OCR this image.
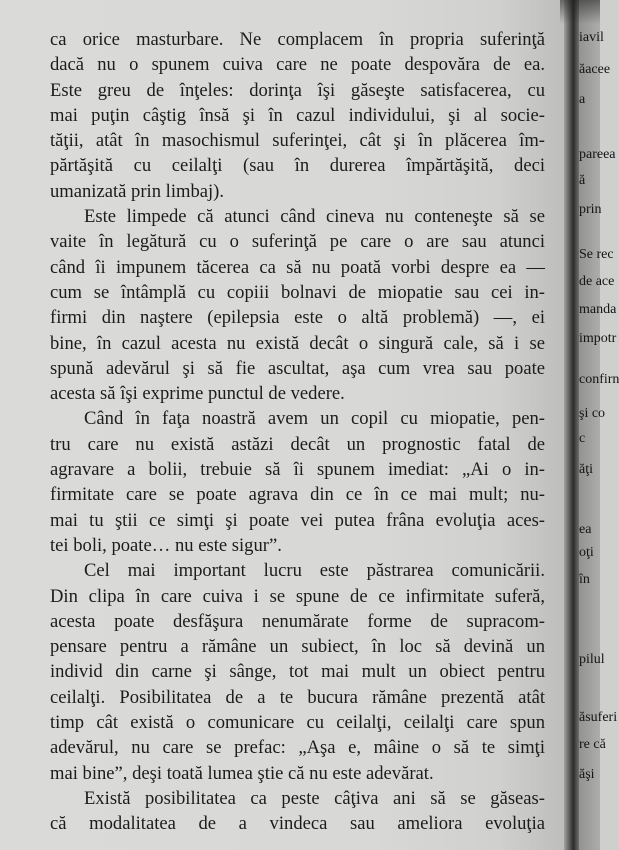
ca orice masturbare. Ne complacem în propria suferinţă
dacă nu o spunem cuiva care ne poate despovăra de ea.
Este greu de înţeles: dorinţa îşi găseşte satisfacerea, cu
mai puţin câştig însă şi în cazul individului, şi al socie-
tăţii, atât în masochismul suferinţei, cât şi în plăcerea îm-
părtăşită cu ceilalţi (sau în durerea împărtăşită, deci
umanizată prin limbaj).
Este limpede că atunci când cineva nu conteneşte să se
vaite în legătură cu o suferinţă pe care o are sau atunci
când îi impunem tăcerea ca să nu poată vorbi despre ea —
cum se întâmplă cu copiii bolnavi de miopatie sau cei in-
firmi din naştere (epilepsia este o altă problemă) —, ei
bine, în cazul acesta nu există decât o singură cale, să i se
spună adevărul şi să fie ascultat, aşa cum vrea sau poate
acesta să îşi exprime punctul de vedere.
Când în faţa noastră avem un copil cu miopatie, pen-
tru care nu există astăzi decât un prognostic fatal de
agravare a bolii, trebuie să îi spunem imediat: „Ai o in-
firmitate care se poate agrava din ce în ce mai mult; nu-
mai tu ştii ce simţi şi poate vei putea frâna evoluţia aces-
tei boli, poate… nu este sigur”.
Cel mai important lucru este păstrarea comunicării.
Din clipa în care cuiva i se spune de ce infirmitate suferă,
acesta poate desfăşura nenumărate forme de supracom-
pensare pentru a rămâne un subiect, în loc să devină un
individ din carne şi sânge, tot mai mult un obiect pentru
ceilalţi. Posibilitatea de a te bucura rămâne prezentă atât
timp cât există o comunicare cu ceilalţi, ceilalţi care spun
adevărul, nu care se prefac: „Aşa e, mâine o să te simţi
mai bine”, deşi toată lumea ştie că nu este adevărat.
Există posibilitatea ca peste câţiva ani să se găseas-
că modalitatea de a vindeca sau ameliora evoluţia
iavil
ăacee
a
pareea
ă
prin
Se rec
de ace
manda
impotr
confirn
şi co
c
ăţi
ea
oţi
în
pilul
ăsuferi
re că
ăşi
